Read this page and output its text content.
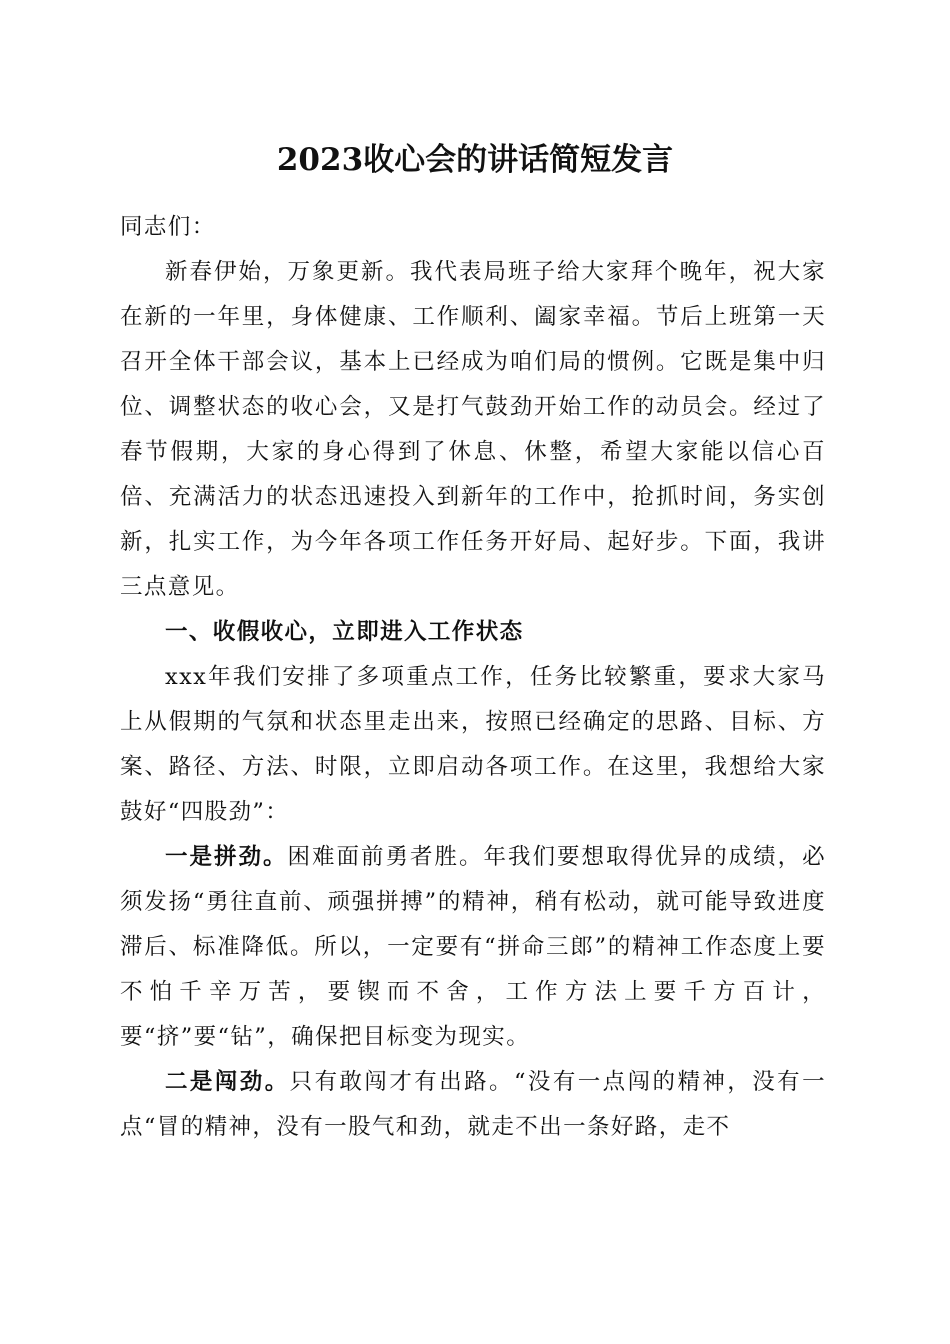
2023收心会的讲话简短发言

同志们：

新春伊始，万象更新。我代表局班子给大家拜个晚年，祝大家在新的一年里，身体健康、工作顺利、阖家幸福。节后上班第一天召开全体干部会议，基本上已经成为咱们局的惯例。它既是集中归位、调整状态的收心会，又是打气鼓劲开始工作的动员会。经过了春节假期，大家的身心得到了休息、休整，希望大家能以信心百倍、充满活力的状态迅速投入到新年的工作中，抢抓时间，务实创新，扎实工作，为今年各项工作任务开好局、起好步。下面，我讲三点意见。

一、收假收心，立即进入工作状态

xxx年我们安排了多项重点工作，任务比较繁重，要求大家马上从假期的气氛和状态里走出来，按照已经确定的思路、目标、方案、路径、方法、时限，立即启动各项工作。在这里，我想给大家鼓好“四股劲”：

一是拼劲。困难面前勇者胜。年我们要想取得优异的成绩，必须发扬“勇往直前、顽强拼搏”的精神，稍有松动，就可能导致进度滞后、标准降低。所以，一定要有“拼命三郎”的精神工作态度上要不怕千辛万苦，要锲而不舍，工作方法上要千方百计，要“挤”要“钻”，确保把目标变为现实。

二是闯劲。只有敢闯才有出路。“没有一点闯的精神，没有一点“冒的精神，没有一股气和劲，就走不出一条好路，走不
